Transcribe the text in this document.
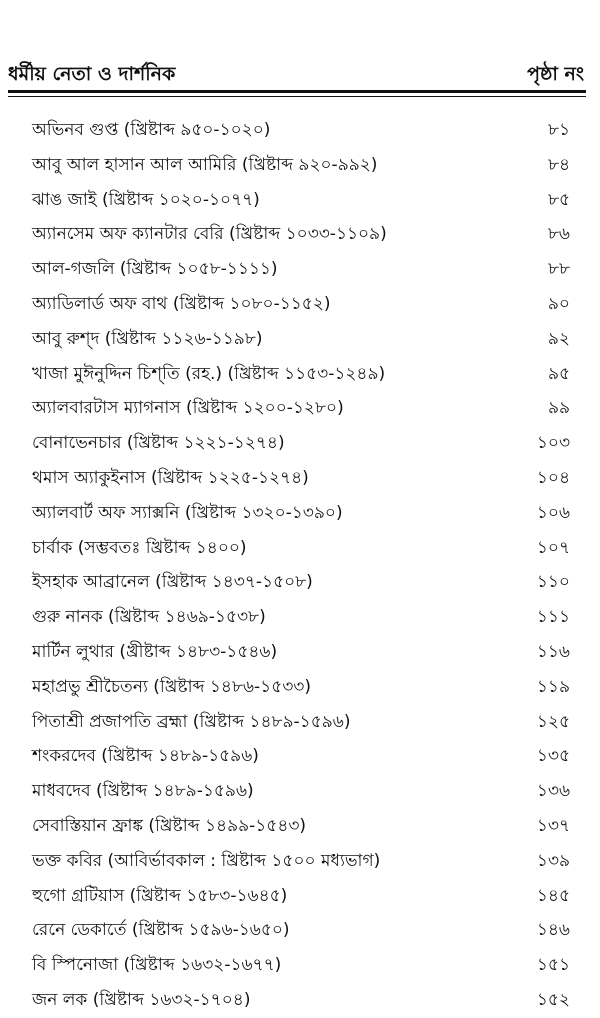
ধর্মীয় নেতা ও দার্শনিক	পৃষ্ঠা নং
অভিনব গুপ্ত (খ্রিষ্টাব্দ ৯৫০-১০২০)	৮১
আবু আল হাসান আল আমিরি (খ্রিষ্টাব্দ ৯২০-৯৯২)	৮৪
ঝাঙ জাই (খ্রিষ্টাব্দ ১০২০-১০৭৭)	৮৫
অ্যানসেম অফ ক্যানটার বেরি (খ্রিষ্টাব্দ ১০৩৩-১১০৯)	৮৬
আল-গজলি (খ্রিষ্টাব্দ ১০৫৮-১১১১)	৮৮
অ্যাডিলার্ড অফ বাথ (খ্রিষ্টাব্দ ১০৮০-১১৫২)	৯০
আবু রুশ্‌দ (খ্রিষ্টাব্দ ১১২৬-১১৯৮)	৯২
খাজা মুঈনুদ্দিন চিশ্‌তি (রহ.) (খ্রিষ্টাব্দ ১১৫৩-১২৪৯)	৯৫
অ্যালবারটাস ম্যাগনাস (খ্রিষ্টাব্দ ১২০০-১২৮০)	৯৯
বোনাভেনচার (খ্রিষ্টাব্দ ১২২১-১২৭৪)	১০৩
থমাস অ্যাকুইনাস (খ্রিষ্টাব্দ ১২২৫-১২৭৪)	১০৪
অ্যালবার্ট অফ স্যাক্সনি (খ্রিষ্টাব্দ ১৩২০-১৩৯০)	১০৬
চার্বাক (সম্ভবতঃ খ্রিষ্টাব্দ ১৪০০)	১০৭
ইসহাক আব্রানেল (খ্রিষ্টাব্দ ১৪৩৭-১৫০৮)	১১০
গুরু নানক (খ্রিষ্টাব্দ ১৪৬৯-১৫৩৮)	১১১
মার্টিন লুথার (খ্রীষ্টাব্দ ১৪৮৩-১৫৪৬)	১১৬
মহাপ্রভু শ্রীচৈতন্য (খ্রিষ্টাব্দ ১৪৮৬-১৫৩৩)	১১৯
পিতাশ্রী প্রজাপতি ব্রহ্মা (খ্রিষ্টাব্দ ১৪৮৯-১৫৯৬)	১২৫
শংকরদেব (খ্রিষ্টাব্দ ১৪৮৯-১৫৯৬)	১৩৫
মাধবদেব (খ্রিষ্টাব্দ ১৪৮৯-১৫৯৬)	১৩৬
সেবাস্তিয়ান ফ্রাঙ্ক (খ্রিষ্টাব্দ ১৪৯৯-১৫৪৩)	১৩৭
ভক্ত কবির (আবির্ভাবকাল : খ্রিষ্টাব্দ ১৫০০ মধ্যভাগ)	১৩৯
হুগো গ্রটিয়াস (খ্রিষ্টাব্দ ১৫৮৩-১৬৪৫)	১৪৫
রেনে ডেকার্তে (খ্রিষ্টাব্দ ১৫৯৬-১৬৫০)	১৪৬
বি স্পিনোজা (খ্রিষ্টাব্দ ১৬৩২-১৬৭৭)	১৫১
জন লক (খ্রিষ্টাব্দ ১৬৩২-১৭০৪)	১৫২
